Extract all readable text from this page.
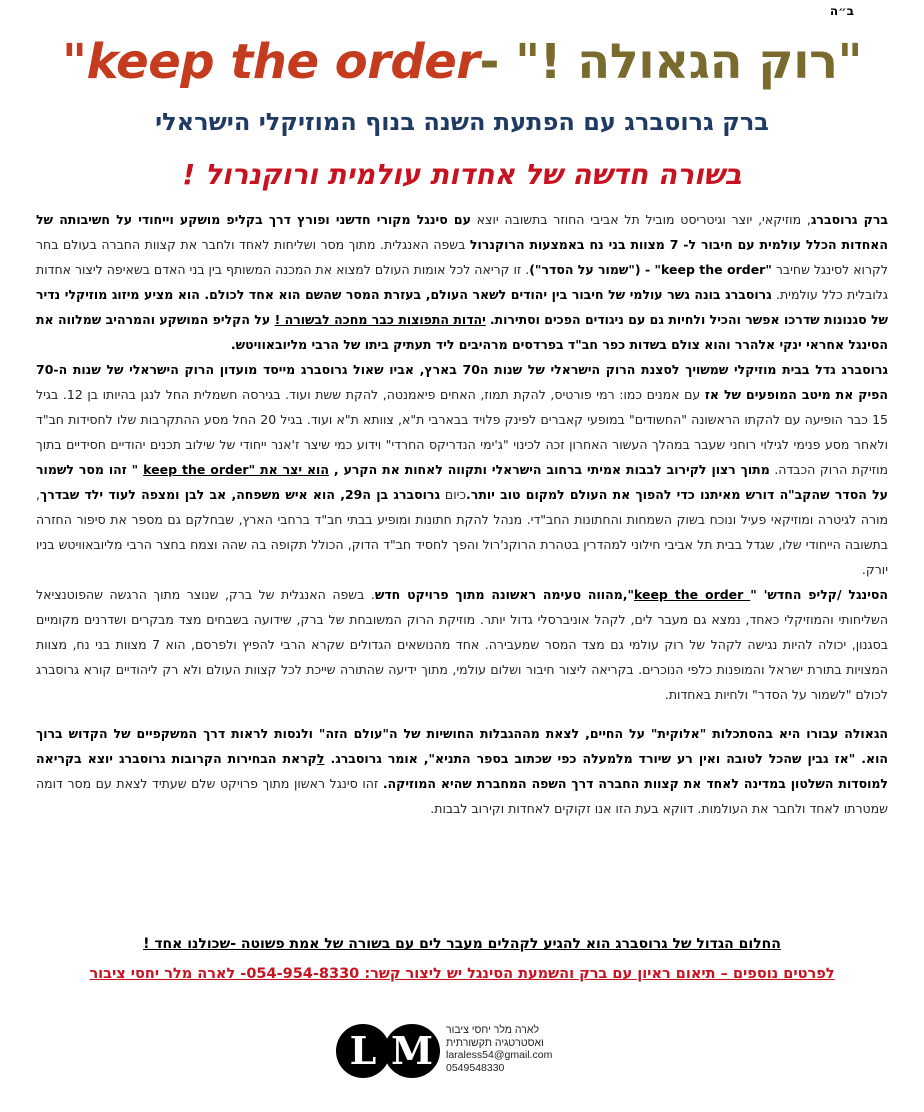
ב״ה
"רוק הגאולה !" -keep the order"
ברק גרוסברג עם הפתעת השנה בנוף המוזיקלי הישראלי
בשורה חדשה של אחדות עולמית ורוקנרול !

ברק גרוסברג, מוזיקאי, יוצר וגיטריסט מוביל תל אביבי החוזר בתשובה יוצא עם סינגל מקורי חדשני ופורץ דרך בקליפ מושקע וייחודי על חשיבותה של האחדות הכלל עולמית עם חיבור ל- 7 מצוות בני נח באמצעות הרוקנרול בשפה האנגלית. מתוך מסר ושליחות לאחד ולחבר את קצוות החברה בעולם בחר לקרוא לסינגל שחיבר "keep the order" - ("שמור על הסדר"). זו קריאה לכל אומות העולם למצוא את המכנה המשותף בין בני האדם בשאיפה ליצור אחדות גלובלית כלל עולמית. גרוסברג בונה גשר עולמי של חיבור בין יהודים לשאר העולם, בעזרת המסר שהשם הוא אחד לכולם. הוא מציע מיזוג מוזיקלי נדיר של סגנונות שדרכו אפשר והכיל ולחיות גם עם ניגודים הפכים וסתירות. יהדות התפוצות כבר מחכה לבשורה ! על הקליפ המושקע והמרהיב שמלווה את הסינגל אחראי ינקי אלהרר והוא צולם בשדות כפר חב"ד בפרדסים מרהיבים ליד תעתיק ביתו של הרבי מליובאוויטש.

גרוסברג גדל בבית מוזיקלי שמשויך לסצנת הרוק הישראלי של שנות ה70 בארץ, אביו שאול גרוסברג מייסד מועדון הרוק הישראלי של שנות ה-70 הפיק את מיטב המופעים של אז עם אמנים כמו: רמי פורטיס, להקת תמוז, האחים פיאמנטה, להקת ששת ועוד. בגירסה חשמלית החל לנגן בהיותו בן 12. בגיל 15 כבר הופיעה עם להקתו הראשונה "החשודים" במופעי קאברים לפינק פלויד בבארבי ת"א, צוותא ת"א ועוד. בגיל 20 החל מסע ההתקרבות שלו לחסידות חב"ד ולאחר מסע פנימי לגילוי רוחני שעבר במהלך העשור האחרון זכה לכינוי "ג'ימי הנדריקס החרדי" וידוע כמי שיצר ז'אנר ייחודי של שילוב תכנים יהודיים חסידיים בתוך מוזיקת הרוק הכבדה. מתוך רצון לקירוב לבבות אמיתי ברחוב הישראלי ותקווה לאחות את הקרע , הוא יצר את "keep the order " זהו מסר לשמור על הסדר שהקב"ה דורש מאיתנו כדי להפוך את העולם למקום טוב יותר.כיום גרוסברג בן ה29, הוא איש משפחה, אב לבן ומצפה לעוד ילד שבדרך, מורה לגיטרה ומוזיקאי פעיל ונוכח בשוק השמחות והחתונות החב"די. מנהל להקת חתונות ומופיע בבתי חב"ד ברחבי הארץ, שבחלקם גם מספר את סיפור החזרה בתשובה הייחודי שלו, שגדל בבית תל אביבי חילוני למהדרין בטהרת הרוקנ'רול והפך לחסיד חב"ד הדוק, הכולל תקופה בה שהה וצמח בחצר הרבי מליובאוויטש בניו יורק.

הסינגל /קליפ החדש' " keep the order",מהווה טעימה ראשונה מתוך פרויקט חדש. בשפה האנגלית של ברק, שנוצר מתוך הרגשה שהפוטנציאל השליחותי והמוזיקלי כאחד, נמצא גם מעבר לים, לקהל אוניברסלי גדול יותר. מוזיקת הרוק המשובחת של ברק, שידועה בשבחים מצד מבקרים ושדרנים מקומיים בסגנון, יכולה להיות נגישה לקהל של רוק עולמי גם מצד המסר שמעבירה. אחד מהנושאים הגדולים שקרא הרבי להפיץ ולפרסם, הוא 7 מצוות בני נח, מצוות המצויות בתורת ישראל והמופנות כלפי הנוכרים. בקריאה ליצור חיבור ושלום עולמי, מתוך ידיעה שהתורה שייכת לכל קצוות העולם ולא רק ליהודיים קורא גרוסברג לכולם "לשמור על הסדר" ולחיות באחדות.

הגאולה עבורו היא בהסתכלות "אלוקית" על החיים, לצאת מההגבלות החושיות של ה"עולם הזה" ולנסות לראות דרך המשקפיים של הקדוש ברוך הוא. "אז גבין שהכל לטובה ואין רע שיורד מלמעלה כפי שכתוב בספר התניא", אומר גרוסברג. לקראת הבחירות הקרובות גרוסברג יוצא בקריאה למוסדות השלטון במדינה לאחד את קצוות החברה דרך השפה המחברת שהיא המוזיקה. זהו סינגל ראשון מתוך פרויקט שלם שעתיד לצאת עם מסר דומה שמטרתו לאחד ולחבר את העולמות. דווקא בעת הזו אנו זקוקים לאחדות וקירוב לבבות.

החלום הגדול של גרוסברג הוא להגיע לקהלים מעבר לים עם בשורה של אמת פשוטה -שכולנו אחד !
לפרטים נוספים – תיאום ראיון עם ברק והשמעת הסינגל יש ליצור קשר: 054-954-8330- לארה מלר יחסי ציבור
L M	לארה מלר יחסי ציבור
ואסטרטגיה תקשורתית
laraless54@gmail.com
0549548330
